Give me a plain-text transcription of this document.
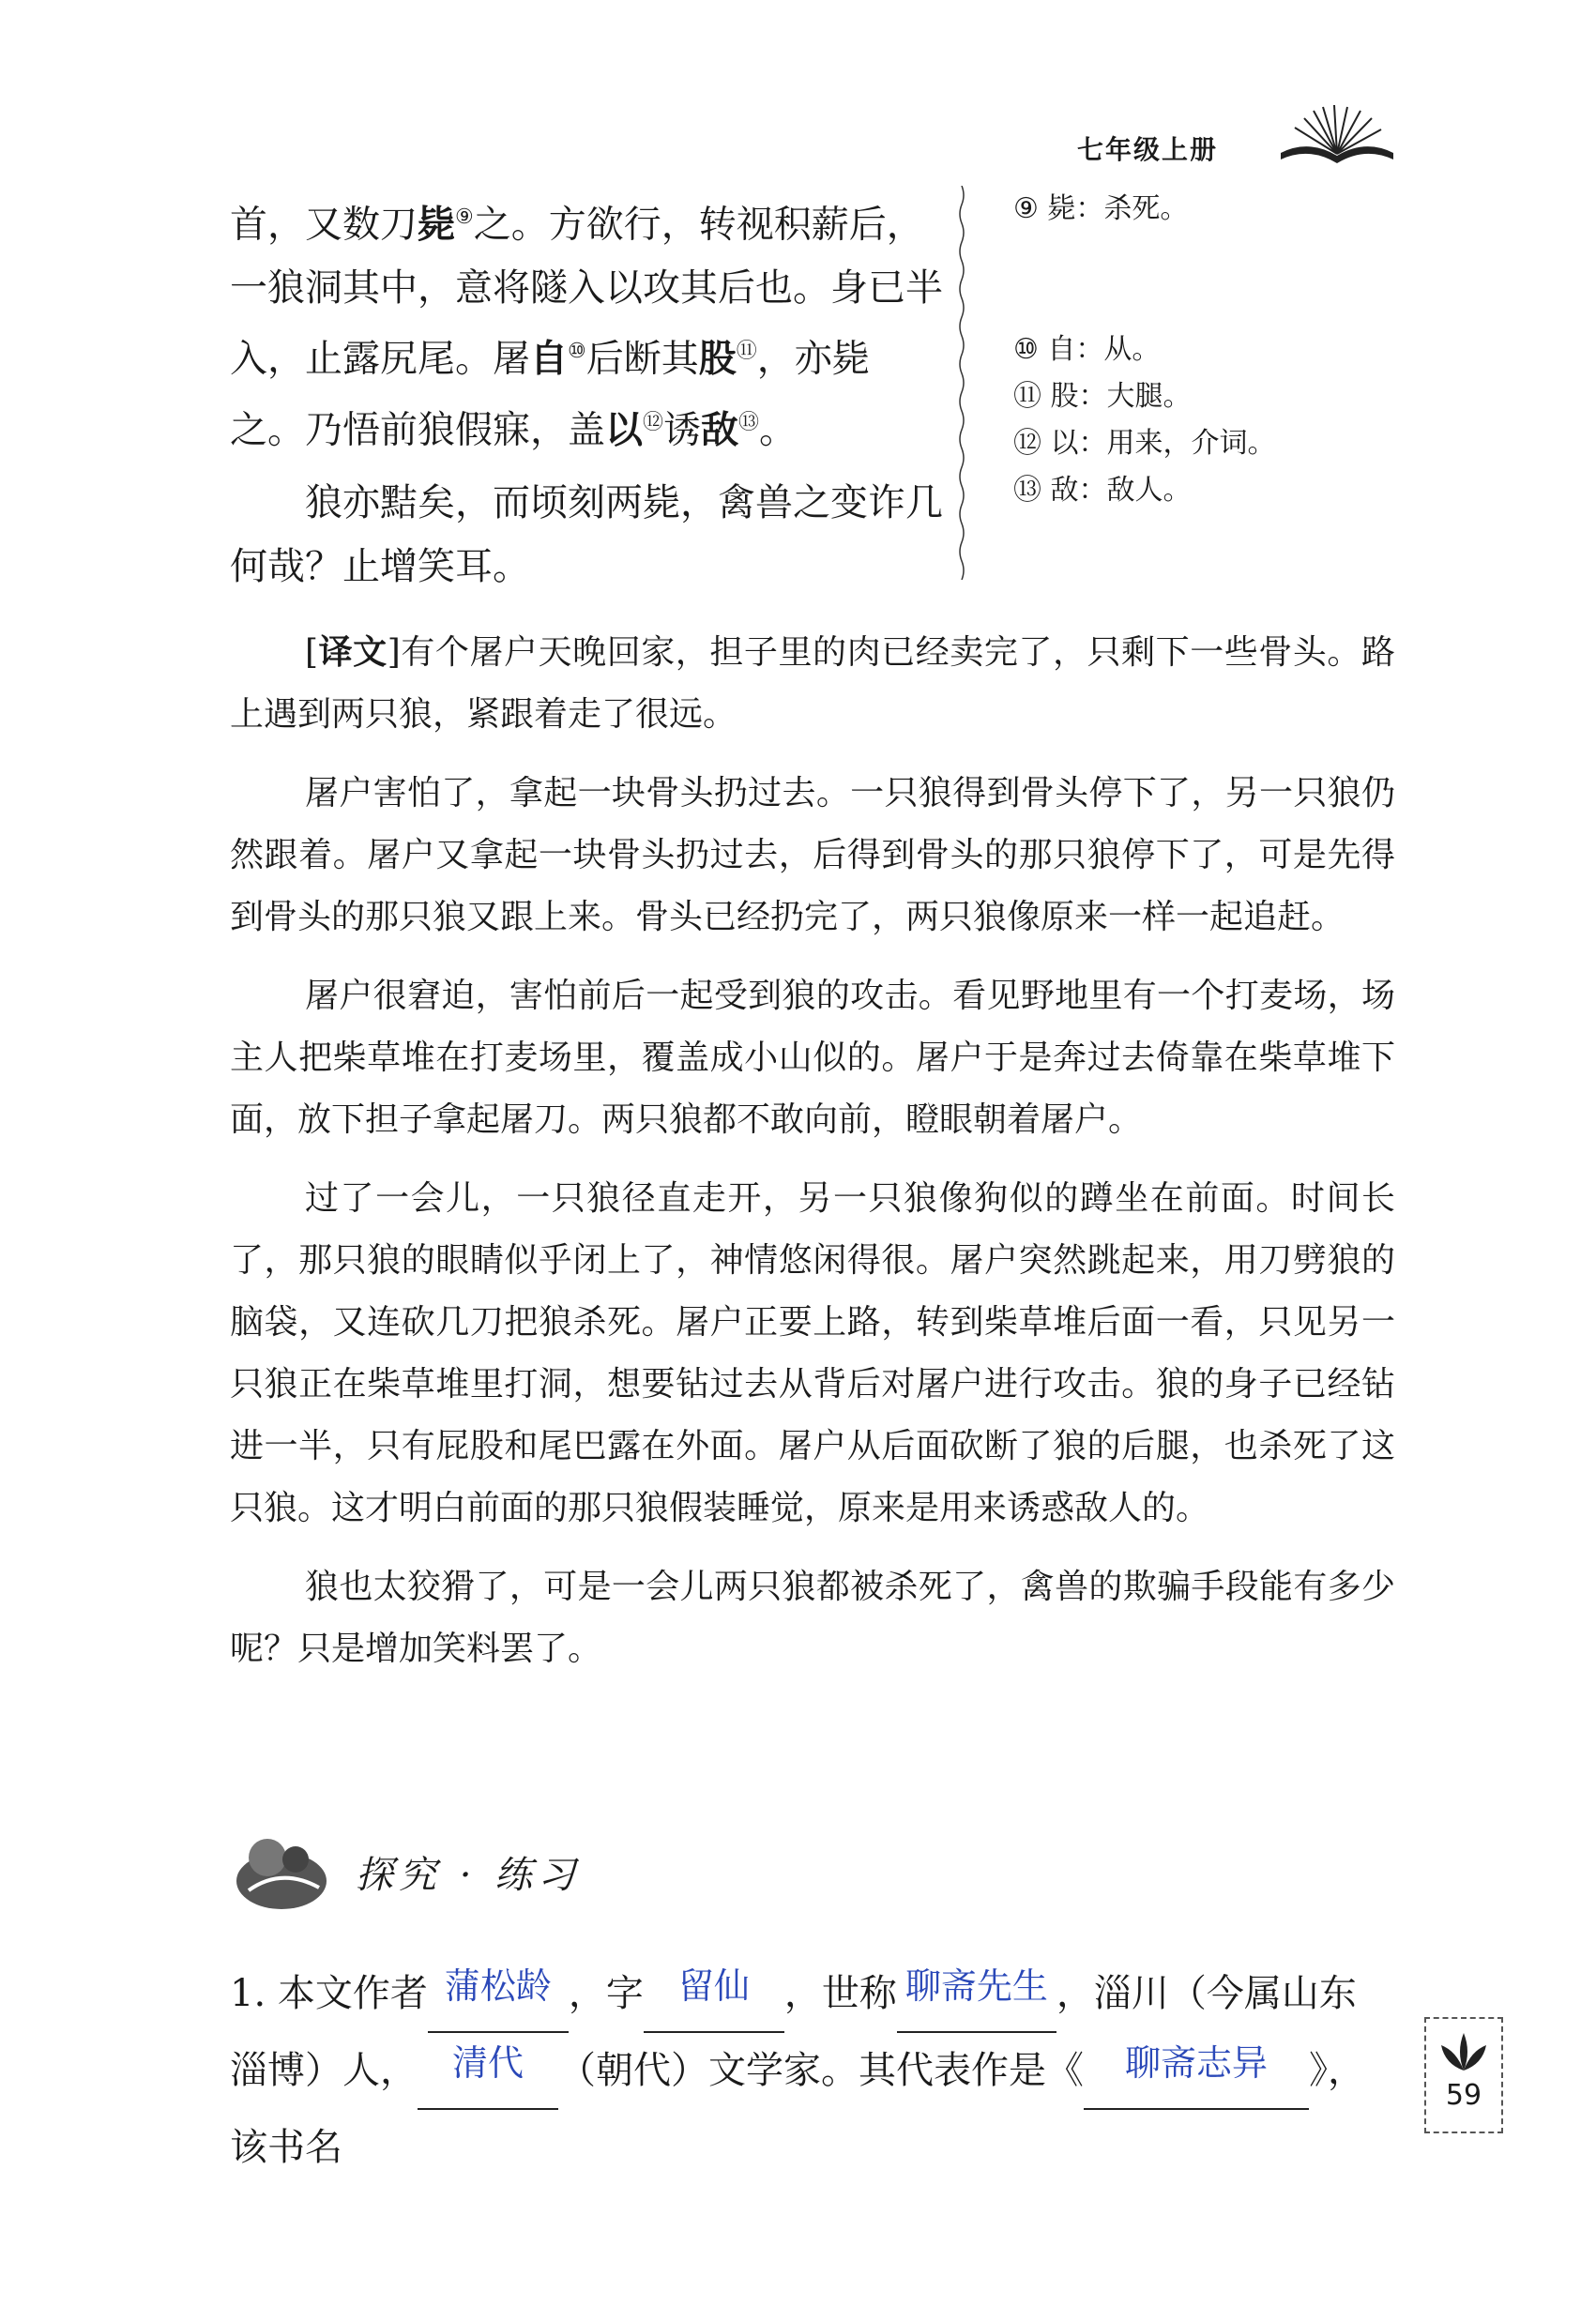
七年级上册

首，又数刀毙⑨之。方欲行，转视积薪后，一狼洞其中，意将隧入以攻其后也。身已半入，止露尻尾。屠自⑩后断其股⑪，亦毙之。乃悟前狼假寐，盖以⑫诱敌⑬。

狼亦黠矣，而顷刻两毙，禽兽之变诈几何哉？止增笑耳。

⑨ 毙：杀死。

⑩ 自：从。

⑪ 股：大腿。

⑫ 以：用来，介词。

⑬ 敌：敌人。

[译文]有个屠户天晚回家，担子里的肉已经卖完了，只剩下一些骨头。路上遇到两只狼，紧跟着走了很远。

屠户害怕了，拿起一块骨头扔过去。一只狼得到骨头停下了，另一只狼仍然跟着。屠户又拿起一块骨头扔过去，后得到骨头的那只狼停下了，可是先得到骨头的那只狼又跟上来。骨头已经扔完了，两只狼像原来一样一起追赶。

屠户很窘迫，害怕前后一起受到狼的攻击。看见野地里有一个打麦场，场主人把柴草堆在打麦场里，覆盖成小山似的。屠户于是奔过去倚靠在柴草堆下面，放下担子拿起屠刀。两只狼都不敢向前，瞪眼朝着屠户。

过了一会儿，一只狼径直走开，另一只狼像狗似的蹲坐在前面。时间长了，那只狼的眼睛似乎闭上了，神情悠闲得很。屠户突然跳起来，用刀劈狼的脑袋，又连砍几刀把狼杀死。屠户正要上路，转到柴草堆后面一看，只见另一只狼正在柴草堆里打洞，想要钻过去从背后对屠户进行攻击。狼的身子已经钻进一半，只有屁股和尾巴露在外面。屠户从后面砍断了狼的后腿，也杀死了这只狼。这才明白前面的那只狼假装睡觉，原来是用来诱惑敌人的。

狼也太狡猾了，可是一会儿两只狼都被杀死了，禽兽的欺骗手段能有多少呢？只是增加笑料罢了。

探究 · 练习

1. 本文作者 蒲松龄 ，字 留仙 ，世称 聊斋先生 ，淄川（今属山东

淄博）人， 清代 （朝代）文学家。其代表作是《 聊斋志异 》，该书名

59
